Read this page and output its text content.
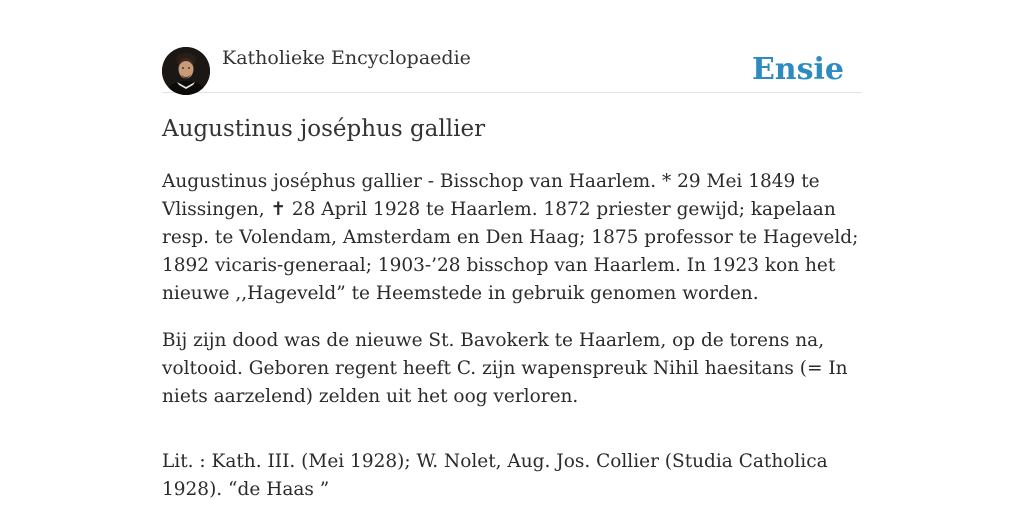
Katholieke Encyclopaedie	Ensie
Augustinus joséphus gallier

Augustinus joséphus gallier - Bisschop van Haarlem. * 29 Mei 1849 te Vlissingen, ✝ 28 April 1928 te Haarlem. 1872 priester gewijd; kapelaan resp. te Volendam, Amsterdam en Den Haag; 1875 professor te Hageveld; 1892 vicaris-generaal; 1903-’28 bisschop van Haarlem. In 1923 kon het nieuwe ,,Hageveld” te Heemstede in gebruik genomen worden.

Bij zijn dood was de nieuwe St. Bavokerk te Haarlem, op de torens na, voltooid. Geboren regent heeft C. zijn wapenspreuk Nihil haesitans (= In niets aarzelend) zelden uit het oog verloren.

Lit. : Kath. III. (Mei 1928); W. Nolet, Aug. Jos. Collier (Studia Catholica 1928). “de Haas ”
